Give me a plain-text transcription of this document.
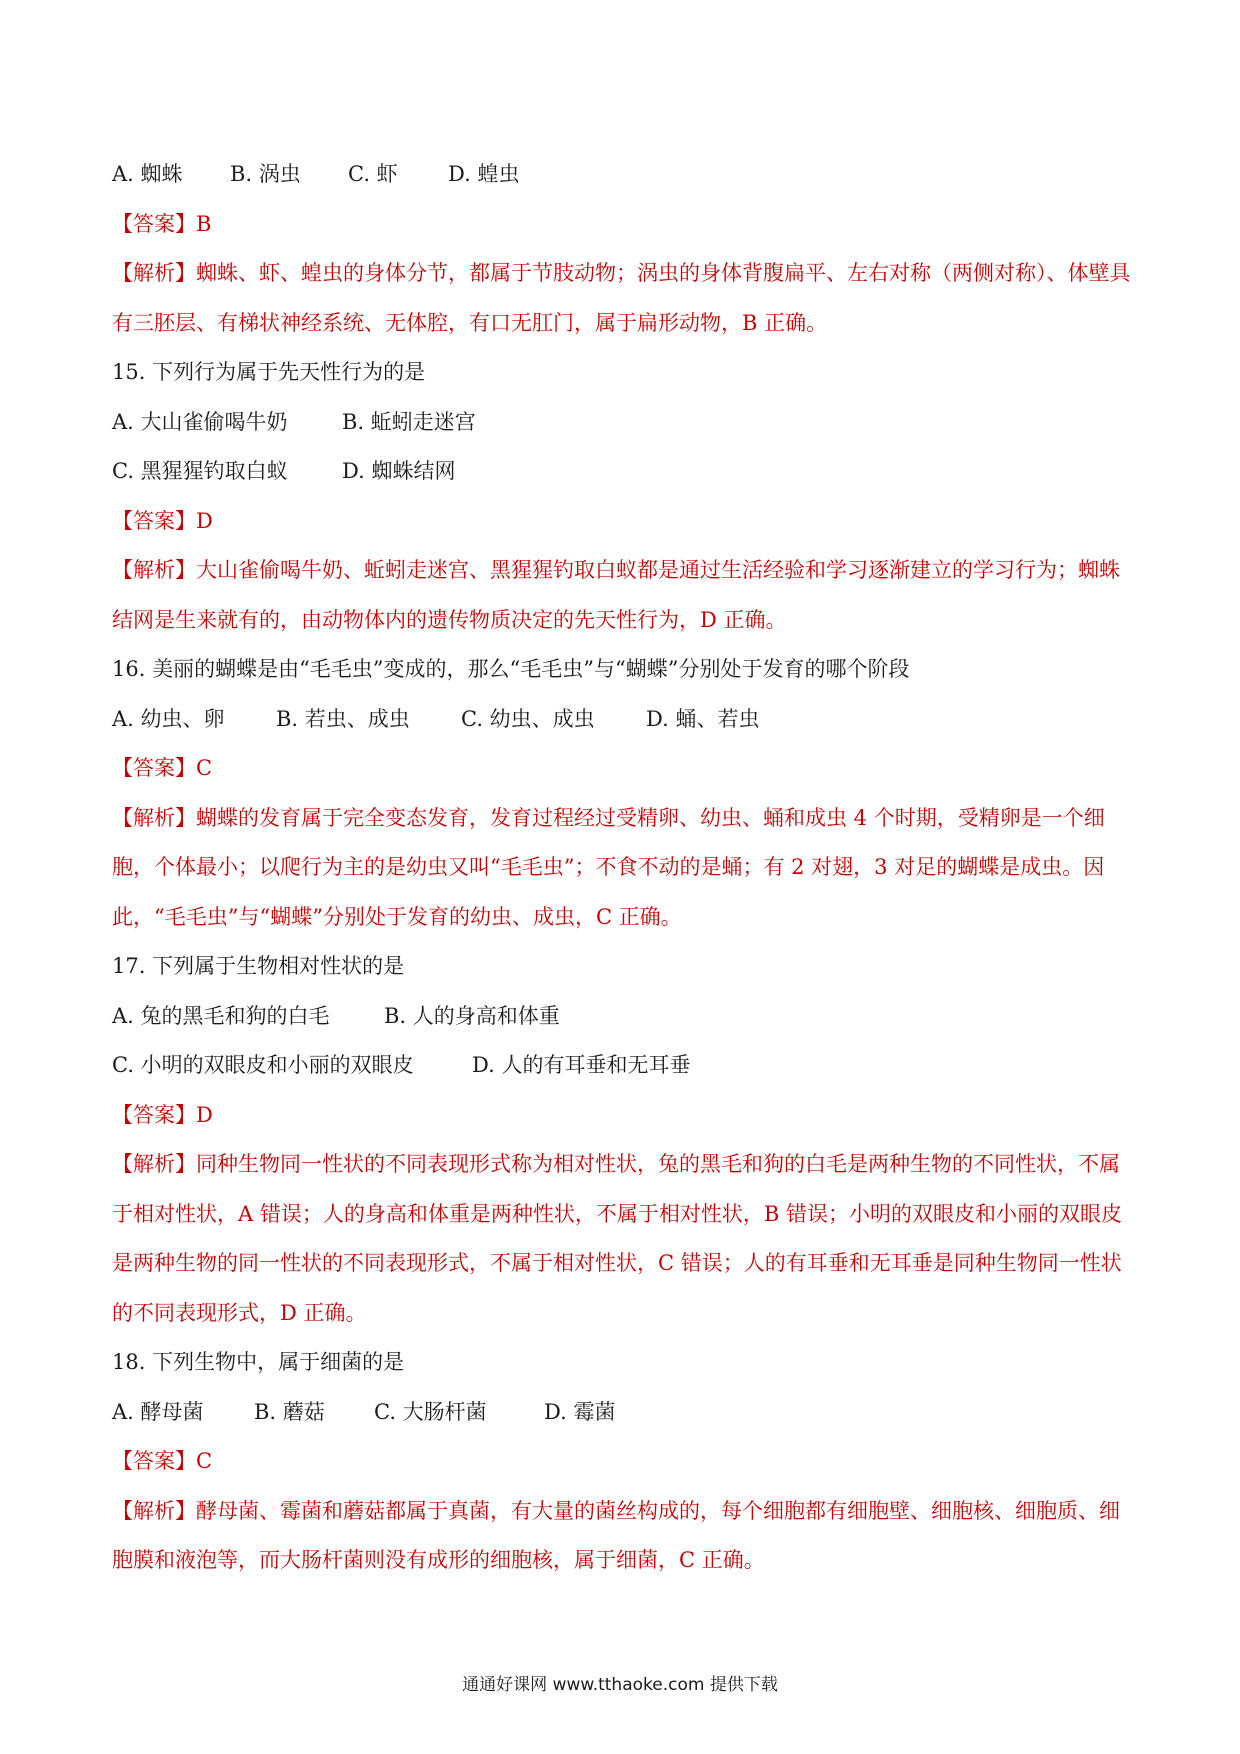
A. 蜘蛛	B. 涡虫	C. 虾	D. 蝗虫
【答案】 B
【解析】蜘蛛、虾、蝗虫的身体分节，都属于节肢动物；涡虫的身体背腹扁平、左右对称（两侧对称）、体壁具有三胚层、有梯状神经系统、无体腔，有口无肛门，属于扁形动物，B 正确。
15. 下列行为属于先天性行为的是
A. 大山雀偷喝牛奶	B. 蚯蚓走迷宫
C. 黑猩猩钓取白蚁	D. 蜘蛛结网
【答案】 D
【解析】大山雀偷喝牛奶、蚯蚓走迷宫、黑猩猩钓取白蚁都是通过生活经验和学习逐渐建立的学习行为；蜘蛛结网是生来就有的，由动物体内的遗传物质决定的先天性行为，D 正确。
16. 美丽的蝴蝶是由“毛毛虫”变成的，那么“毛毛虫”与“蝴蝶”分别处于发育的哪个阶段
A. 幼虫、卵	B. 若虫、成虫	C. 幼虫、成虫	D. 蛹、若虫
【答案】 C
【解析】蝴蝶的发育属于完全变态发育，发育过程经过受精卵、幼虫、蛹和成虫 4 个时期，受精卵是一个细胞，个体最小；以爬行为主的是幼虫又叫“毛毛虫”；不食不动的是蛹；有 2 对翅，3 对足的蝴蝶是成虫。因此，“毛毛虫”与“蝴蝶”分别处于发育的幼虫、成虫，C 正确。
17. 下列属于生物相对性状的是
A. 兔的黑毛和狗的白毛	B. 人的身高和体重
C. 小明的双眼皮和小丽的双眼皮	D. 人的有耳垂和无耳垂
【答案】 D
【解析】同种生物同一性状的不同表现形式称为相对性状，兔的黑毛和狗的白毛是两种生物的不同性状，不属于相对性状，A 错误；人的身高和体重是两种性状，不属于相对性状，B 错误；小明的双眼皮和小丽的双眼皮是两种生物的同一性状的不同表现形式，不属于相对性状，C 错误；人的有耳垂和无耳垂是同种生物同一性状的不同表现形式，D 正确。
18. 下列生物中，属于细菌的是
A. 酵母菌	B. 蘑菇	C. 大肠杆菌	D. 霉菌
【答案】 C
【解析】酵母菌、霉菌和蘑菇都属于真菌，有大量的菌丝构成的，每个细胞都有细胞壁、细胞核、细胞质、细胞膜和液泡等，而大肠杆菌则没有成形的细胞核，属于细菌，C 正确。
通通好课网 www.tthaoke.com 提供下载
